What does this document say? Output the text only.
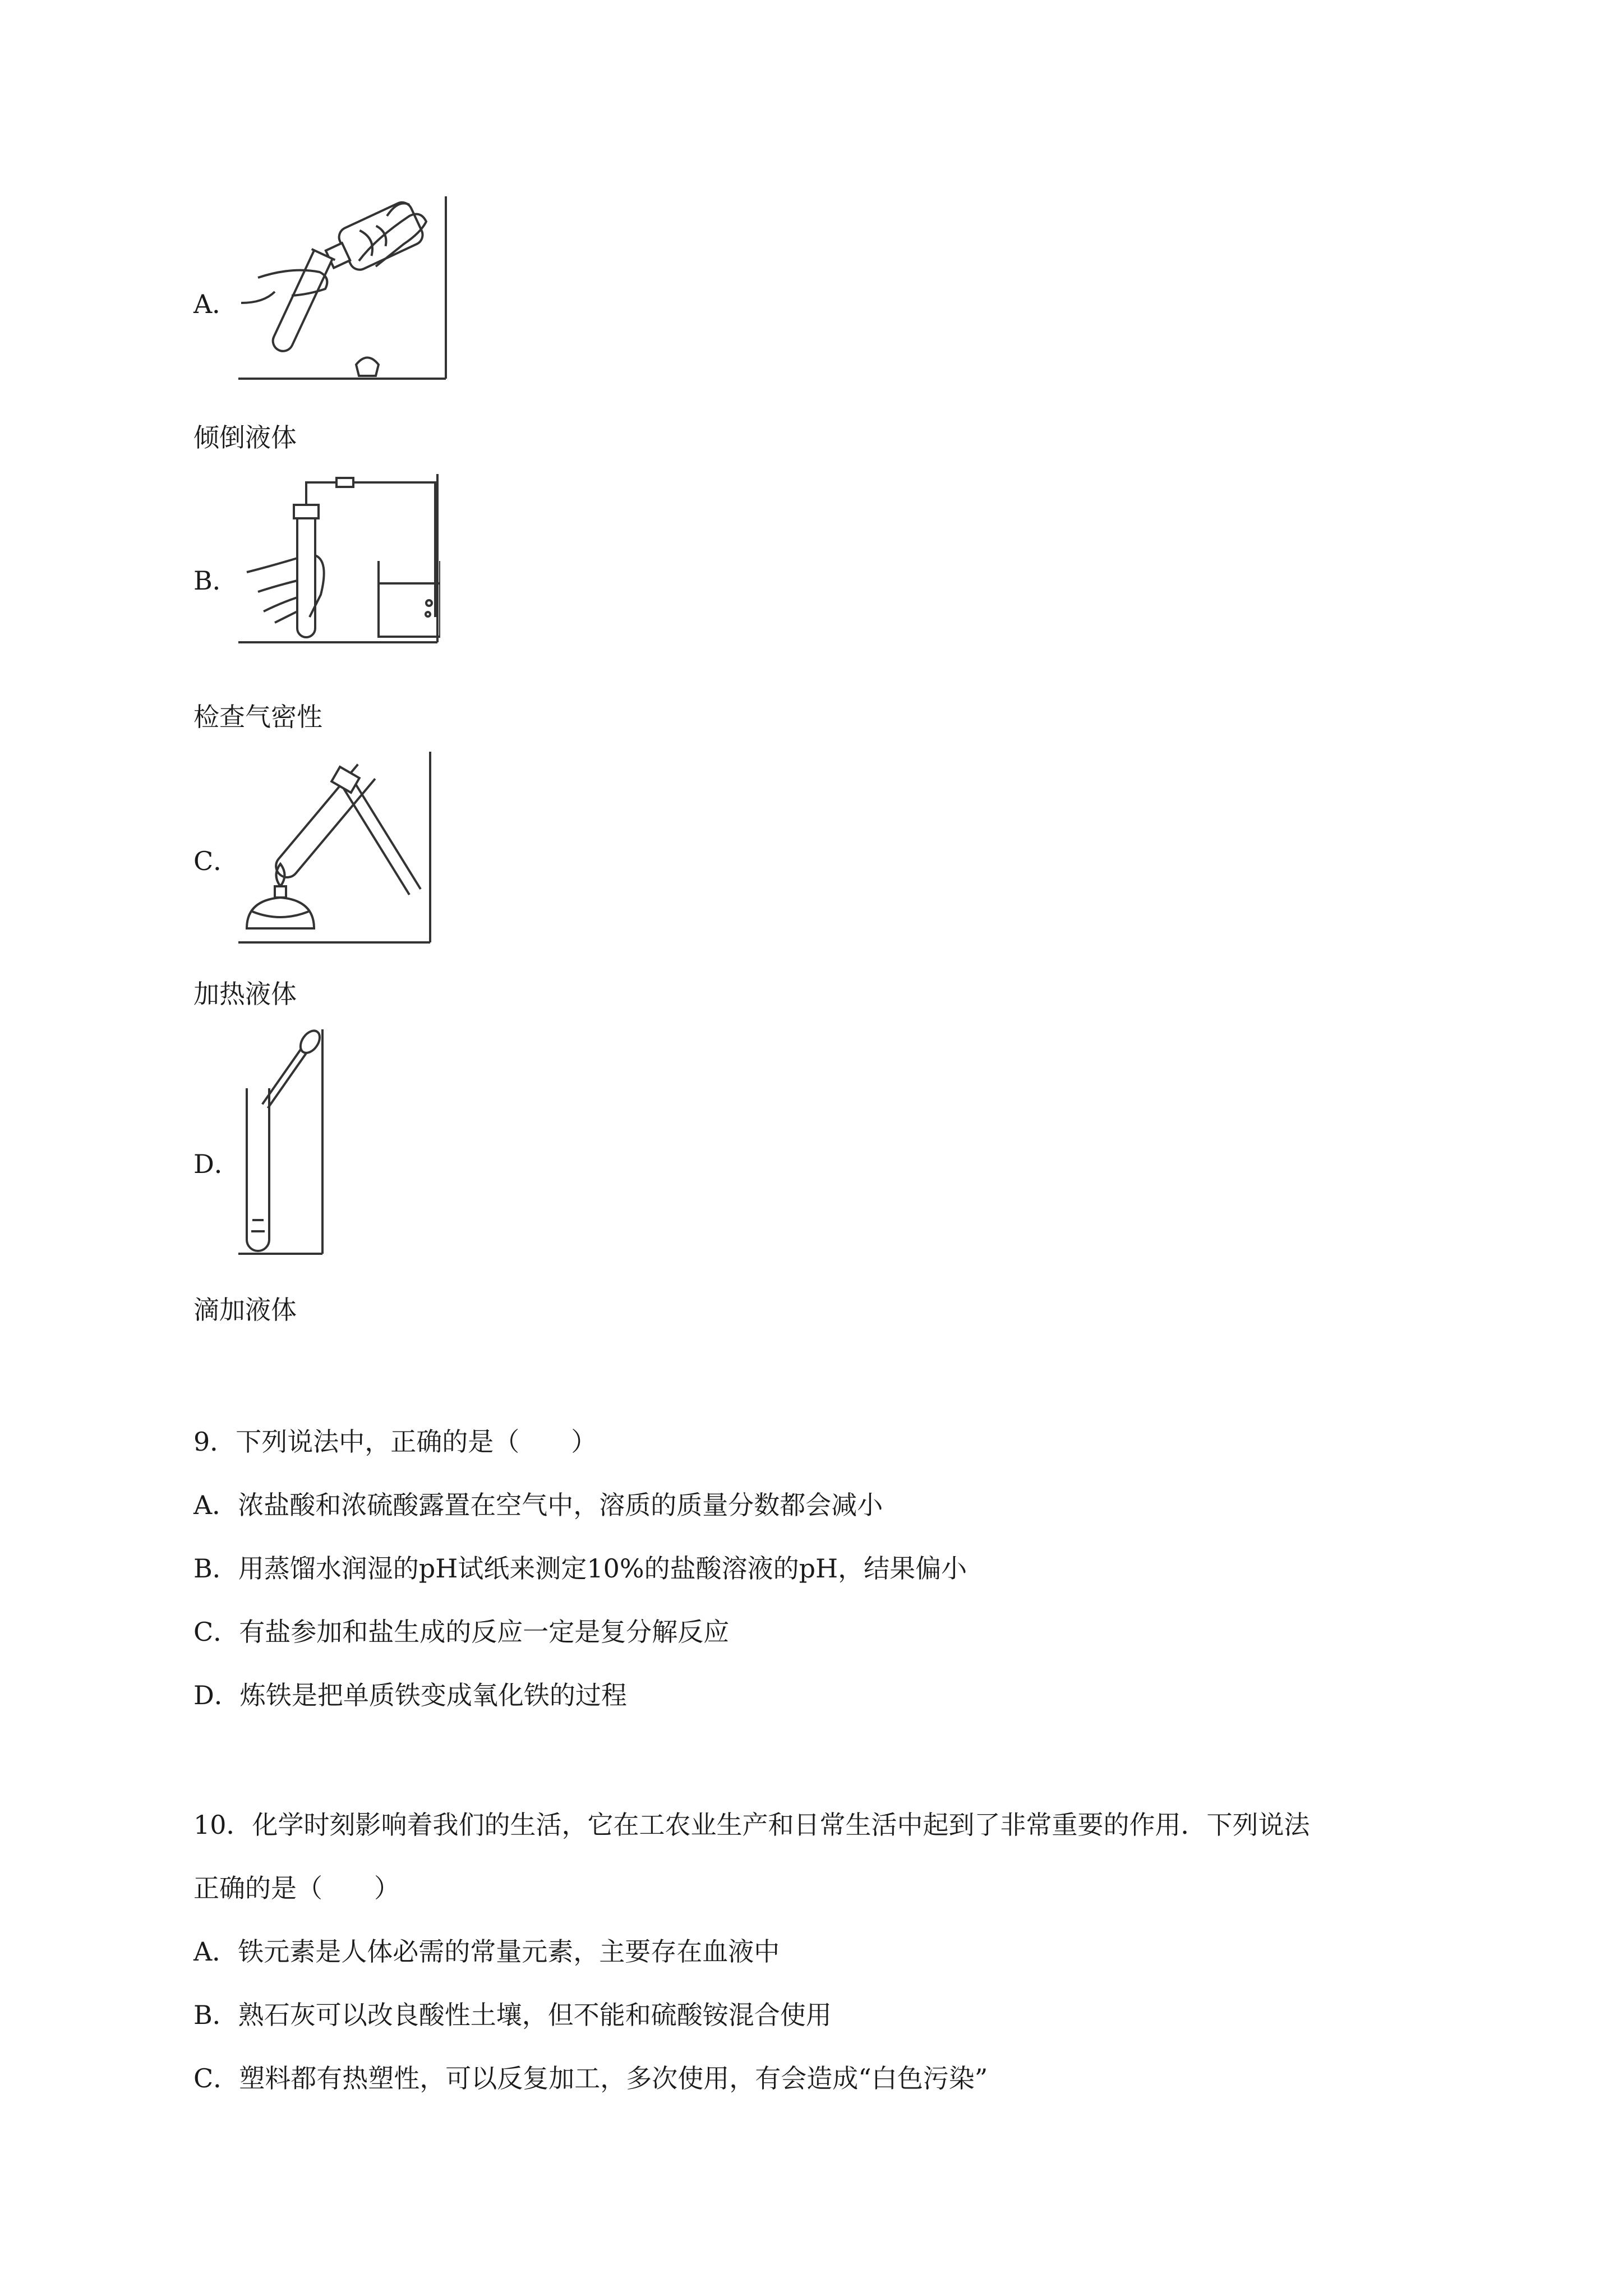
A．
倾倒液体
B．
检查气密性
C．
加热液体
D．
滴加液体
9．下列说法中，正确的是（　　）
A．浓盐酸和浓硫酸露置在空气中，溶质的质量分数都会减小
B．用蒸馏水润湿的pH试纸来测定10%的盐酸溶液的pH，结果偏小
C．有盐参加和盐生成的反应一定是复分解反应
D．炼铁是把单质铁变成氧化铁的过程
10．化学时刻影响着我们的生活，它在工农业生产和日常生活中起到了非常重要的作用．下列说法
正确的是（　　）
A．铁元素是人体必需的常量元素，主要存在血液中
B．熟石灰可以改良酸性土壤，但不能和硫酸铵混合使用
C．塑料都有热塑性，可以反复加工，多次使用，有会造成“白色污染”
